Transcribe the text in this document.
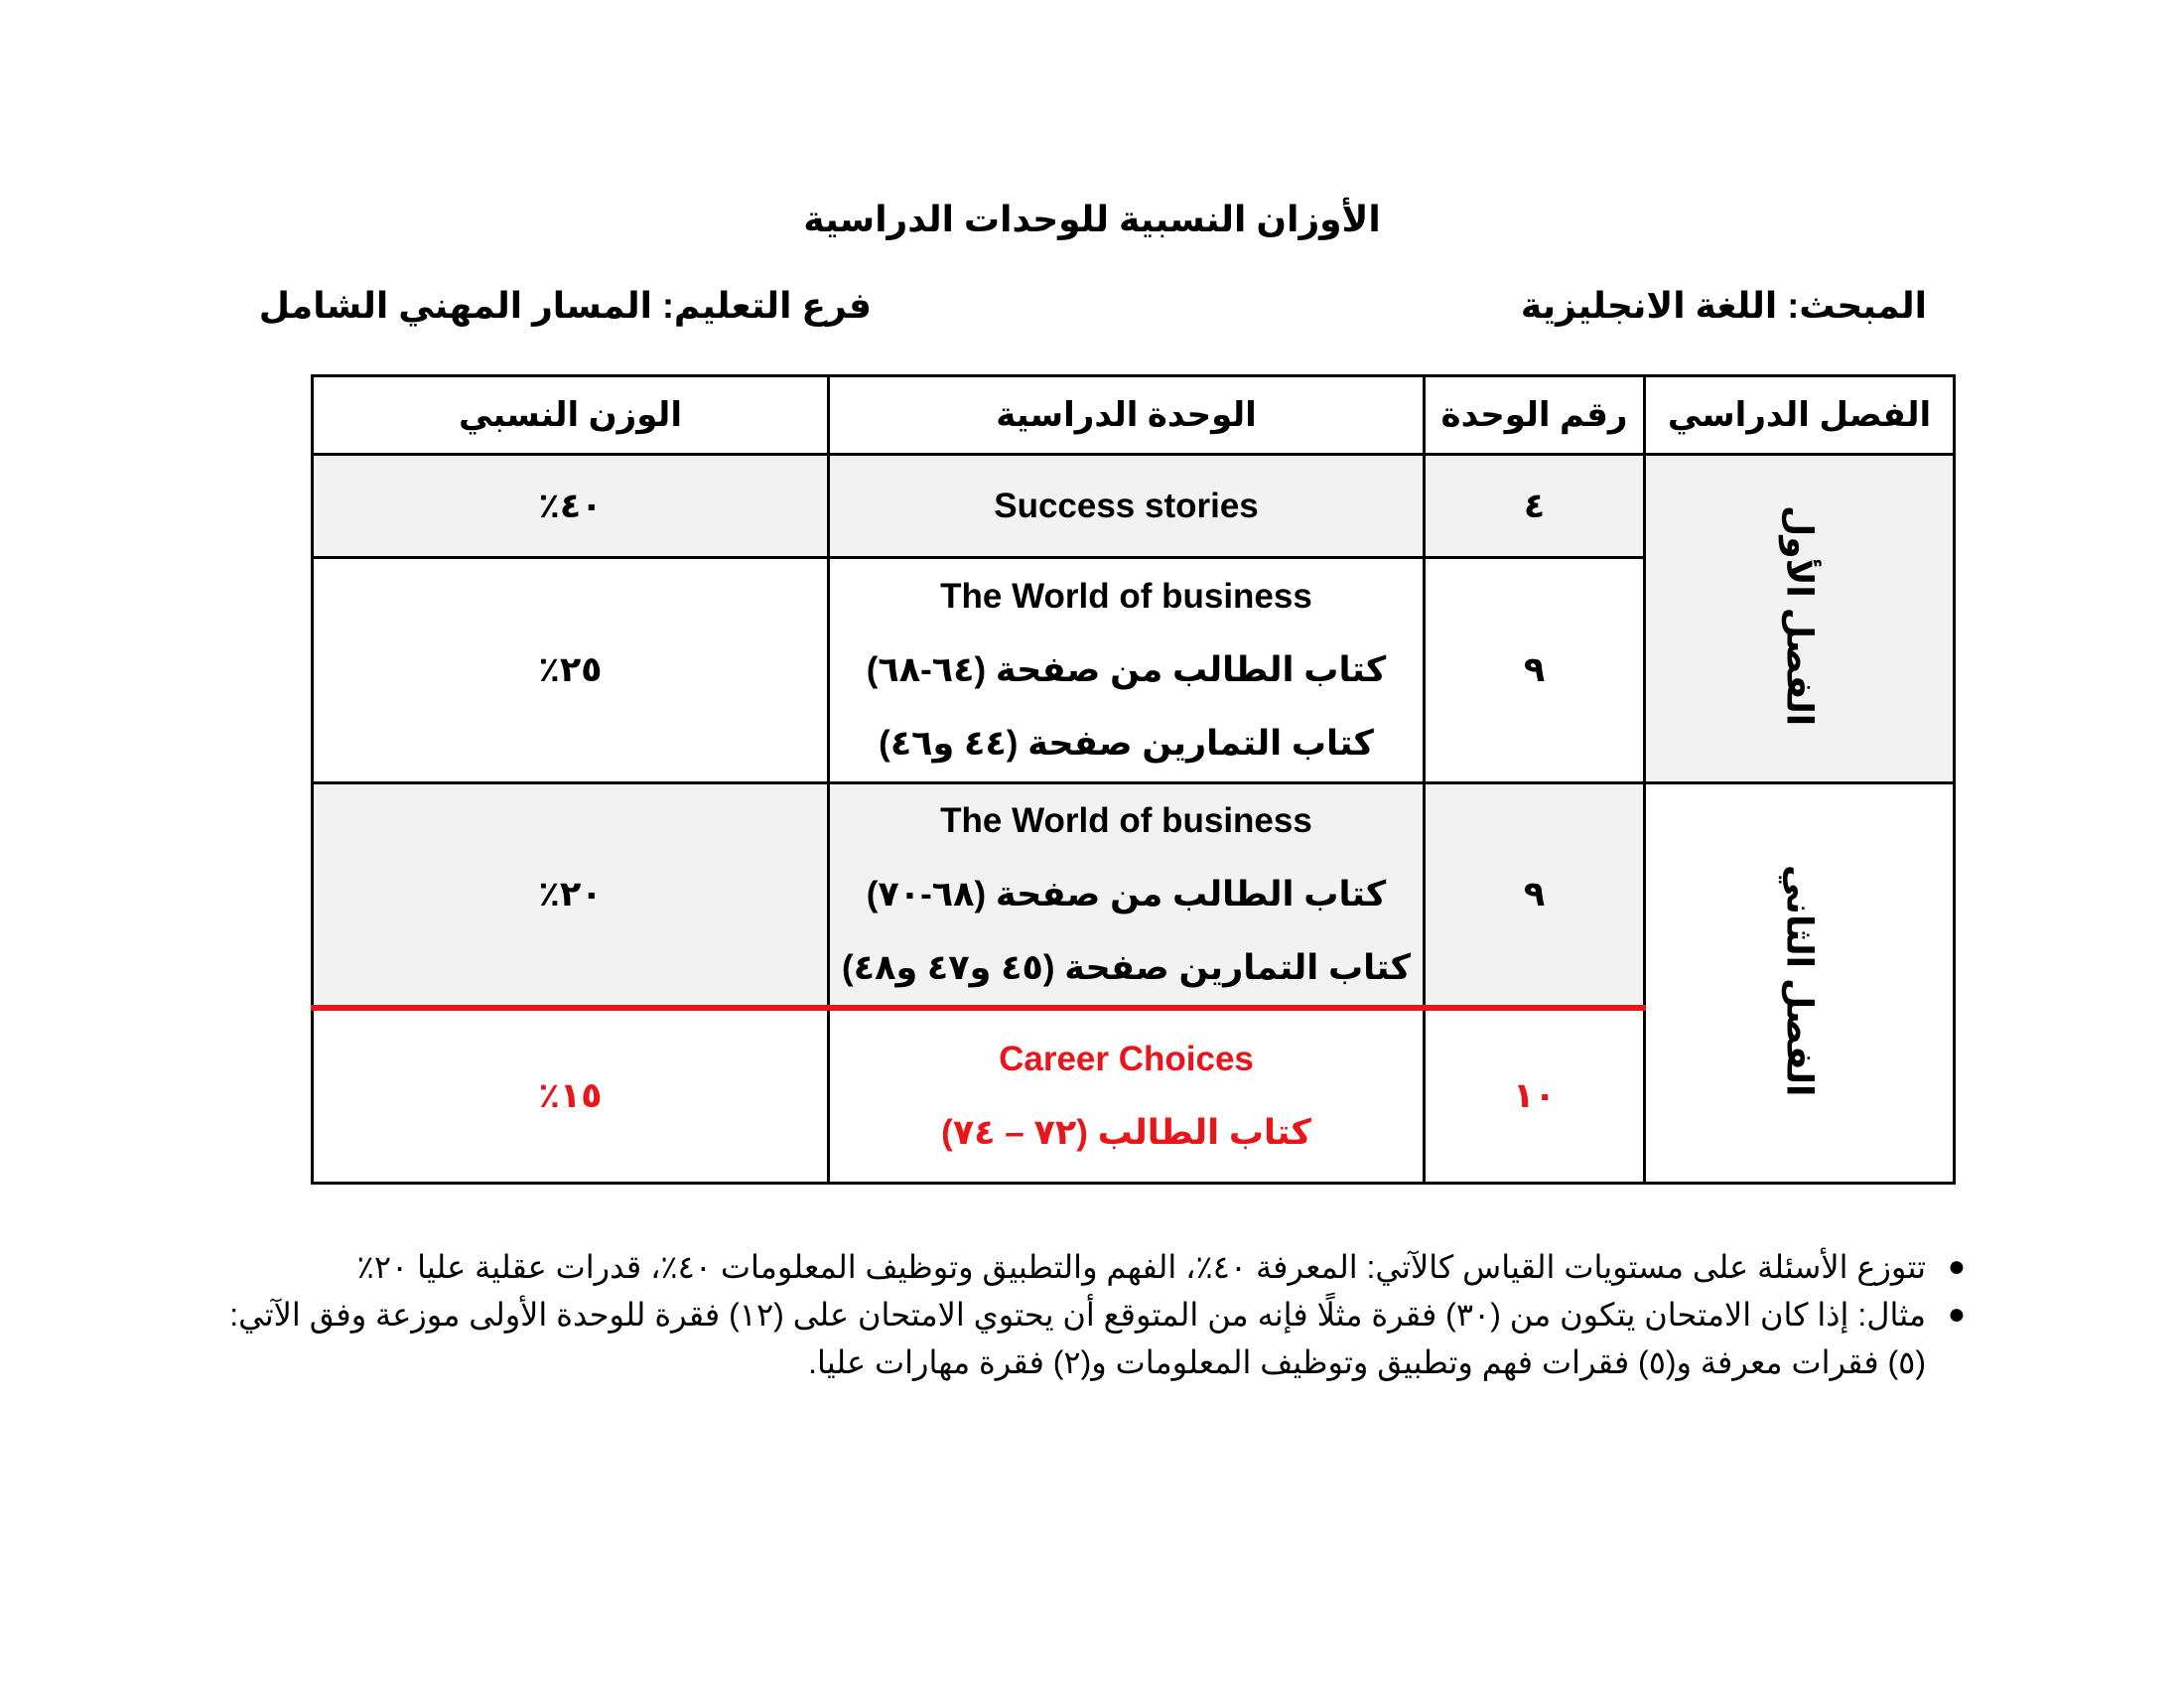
الأوزان النسبية للوحدات الدراسية
المبحث: اللغة الانجليزية
فرع التعليم: المسار المهني الشامل
الفصل الدراسي	رقم الوحدة	الوحدة الدراسية	الوزن النسبي
الفصل الأول	٤	Success stories	٤٠٪
	٩	The World of business
كتاب الطالب من صفحة (٦٤-٦٨)
كتاب التمارين صفحة (٤٤ و٤٦)	٢٥٪
الفصل الثاني	٩	The World of business
كتاب الطالب من صفحة (٦٨-٧٠)
كتاب التمارين صفحة (٤٥ و٤٧ و٤٨)	٢٠٪
	١٠	Career Choices
كتاب الطالب (٧٢ – ٧٤)	١٥٪
●
تتوزع الأسئلة على مستويات القياس كالآتي: المعرفة ٤٠٪، الفهم والتطبيق وتوظيف المعلومات ٤٠٪، قدرات عقلية عليا ٢٠٪
●
مثال: إذا كان الامتحان يتكون من (٣٠) فقرة مثلًا فإنه من المتوقع أن يحتوي الامتحان على (١٢) فقرة للوحدة الأولى موزعة وفق الآتي: (٥) فقرات معرفة و(٥) فقرات فهم وتطبيق وتوظيف المعلومات و(٢) فقرة مهارات عليا.
